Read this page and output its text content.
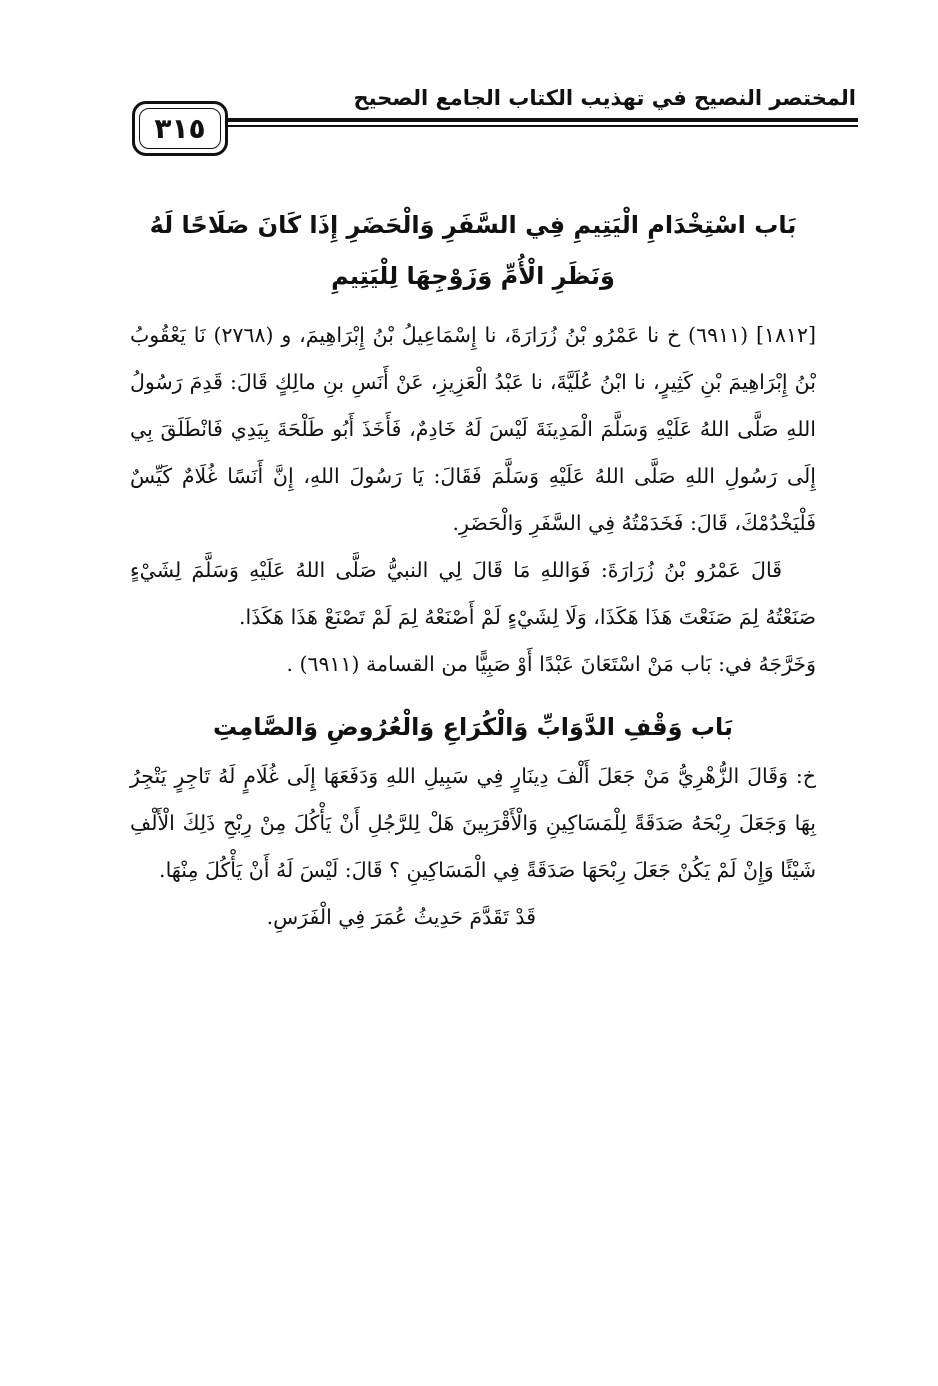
المختصر النصيح في تهذيب الكتاب الجامع الصحيح
٣١٥

بَاب اسْتِخْدَامِ الْيَتِيمِ فِي السَّفَرِ وَالْحَضَرِ إِذَا كَانَ صَلَاحًا لَهُ وَنَظَرِ الْأُمِّ وَزَوْجِهَا لِلْيَتِيمِ

[١٨١٢] (٦٩١١) خ نا عَمْرُو بْنُ زُرَارَةَ، نا إِسْمَاعِيلُ بْنُ إِبْرَاهِيمَ، و (٢٧٦٨) نَا يَعْقُوبُ بْنُ إِبْرَاهِيمَ بْنِ كَثِيرٍ، نا ابْنُ عُلَيَّةَ، نا عَبْدُ الْعَزِيزِ، عَنْ أَنَسِ بنِ مالِكٍ قَالَ: قَدِمَ رَسُولُ اللهِ صَلَّى اللهُ عَلَيْهِ وَسَلَّمَ الْمَدِينَةَ لَيْسَ لَهُ خَادِمٌ، فَأَخَذَ أَبُو طَلْحَةَ بِيَدِي فَانْطَلَقَ بِي إِلَى رَسُولِ اللهِ صَلَّى اللهُ عَلَيْهِ وَسَلَّمَ فَقَالَ: يَا رَسُولَ اللهِ، إِنَّ أَنَسًا غُلَامٌ كَيِّسٌ فَلْيَخْدُمْكَ، قَالَ: فَخَدَمْتُهُ فِي السَّفَرِ وَالْحَضَرِ.

قَالَ عَمْرُو بْنُ زُرَارَةَ: فَوَاللهِ مَا قَالَ لِي النبيُّ صَلَّى اللهُ عَلَيْهِ وَسَلَّمَ لِشَيْءٍ صَنَعْتُهُ لِمَ صَنَعْتَ هَذَا هَكَذَا، وَلَا لِشَيْءٍ لَمْ أَصْنَعْهُ لِمَ لَمْ تَصْنَعْ هَذَا هَكَذَا.

وَخَرَّجَهُ في: بَاب مَنْ اسْتَعَانَ عَبْدًا أَوْ صَبِيًّا من القسامة (٦٩١١) .

بَاب وَقْفِ الدَّوَابِّ وَالْكُرَاعِ وَالْعُرُوضِ وَالصَّامِتِ

خ: وَقَالَ الزُّهْرِيُّ مَنْ جَعَلَ أَلْفَ دِينَارٍ فِي سَبِيلِ اللهِ وَدَفَعَهَا إِلَى غُلَامٍ لَهُ تَاجِرٍ يَتْجِرُ بِهَا وَجَعَلَ رِبْحَهُ صَدَقَةً لِلْمَسَاكِينِ وَالْأَقْرَبِينَ هَلْ لِلرَّجُلِ أَنْ يَأْكُلَ مِنْ رِبْحِ ذَلِكَ الْأَلْفِ شَيْئًا وَإِنْ لَمْ يَكُنْ جَعَلَ رِبْحَهَا صَدَقَةً فِي الْمَسَاكِينِ ؟ قَالَ: لَيْسَ لَهُ أَنْ يَأْكُلَ مِنْهَا.

قَدْ تَقَدَّمَ حَدِيثُ عُمَرَ فِي الْفَرَسِ.
